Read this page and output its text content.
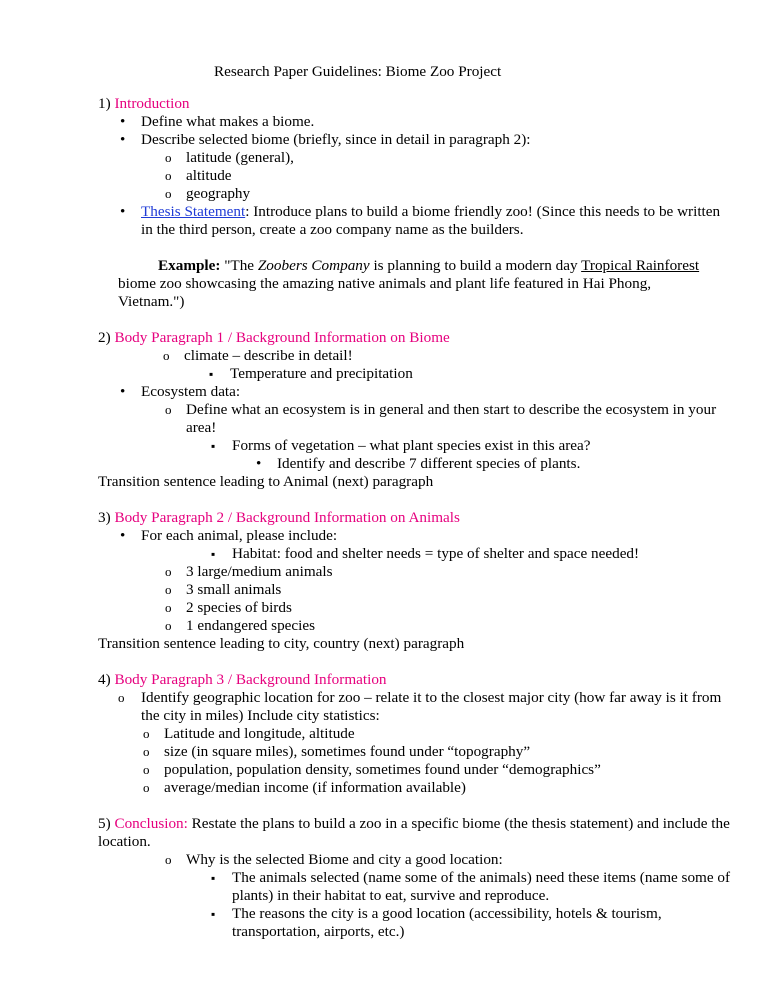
Research Paper Guidelines: Biome Zoo Project
1) Introduction
•
Define what makes a biome.
•
Describe selected biome (briefly, since in detail in paragraph 2):
o
latitude (general),
o
altitude
o
geography
•
Thesis Statement: Introduce plans to build a biome friendly zoo! (Since this needs to be written
in the third person, create a zoo company name as the builders.
Example: "The Zoobers Company is planning to build a modern day Tropical Rainforest
biome zoo showcasing the amazing native animals and plant life featured in Hai Phong,
Vietnam.")
2) Body Paragraph 1 / Background Information on Biome
o
climate – describe in detail!
▪
Temperature and precipitation
•
Ecosystem data:
o
Define what an ecosystem is in general and then start to describe the ecosystem in your
area!
▪
Forms of vegetation – what plant species exist in this area?
•
Identify and describe 7 different species of plants.
Transition sentence leading to Animal (next) paragraph
3) Body Paragraph 2 / Background Information on Animals
•
For each animal, please include:
▪
Habitat: food and shelter needs = type of shelter and space needed!
o
3 large/medium animals
o
3 small animals
o
2 species of birds
o
1 endangered species
Transition sentence leading to city, country (next) paragraph
4) Body Paragraph 3 / Background Information
o
Identify geographic location for zoo – relate it to the closest major city (how far away is it from
the city in miles) Include city statistics:
o
Latitude and longitude, altitude
o
size (in square miles), sometimes found under “topography”
o
population, population density, sometimes found under “demographics”
o
average/median income (if information available)
5) Conclusion: Restate the plans to build a zoo in a specific biome (the thesis statement) and include the
location.
o
Why is the selected Biome and city a good location:
▪
The animals selected (name some of the animals) need these items (name some of
plants) in their habitat to eat, survive and reproduce.
▪
The reasons the city is a good location (accessibility, hotels & tourism,
transportation, airports, etc.)
